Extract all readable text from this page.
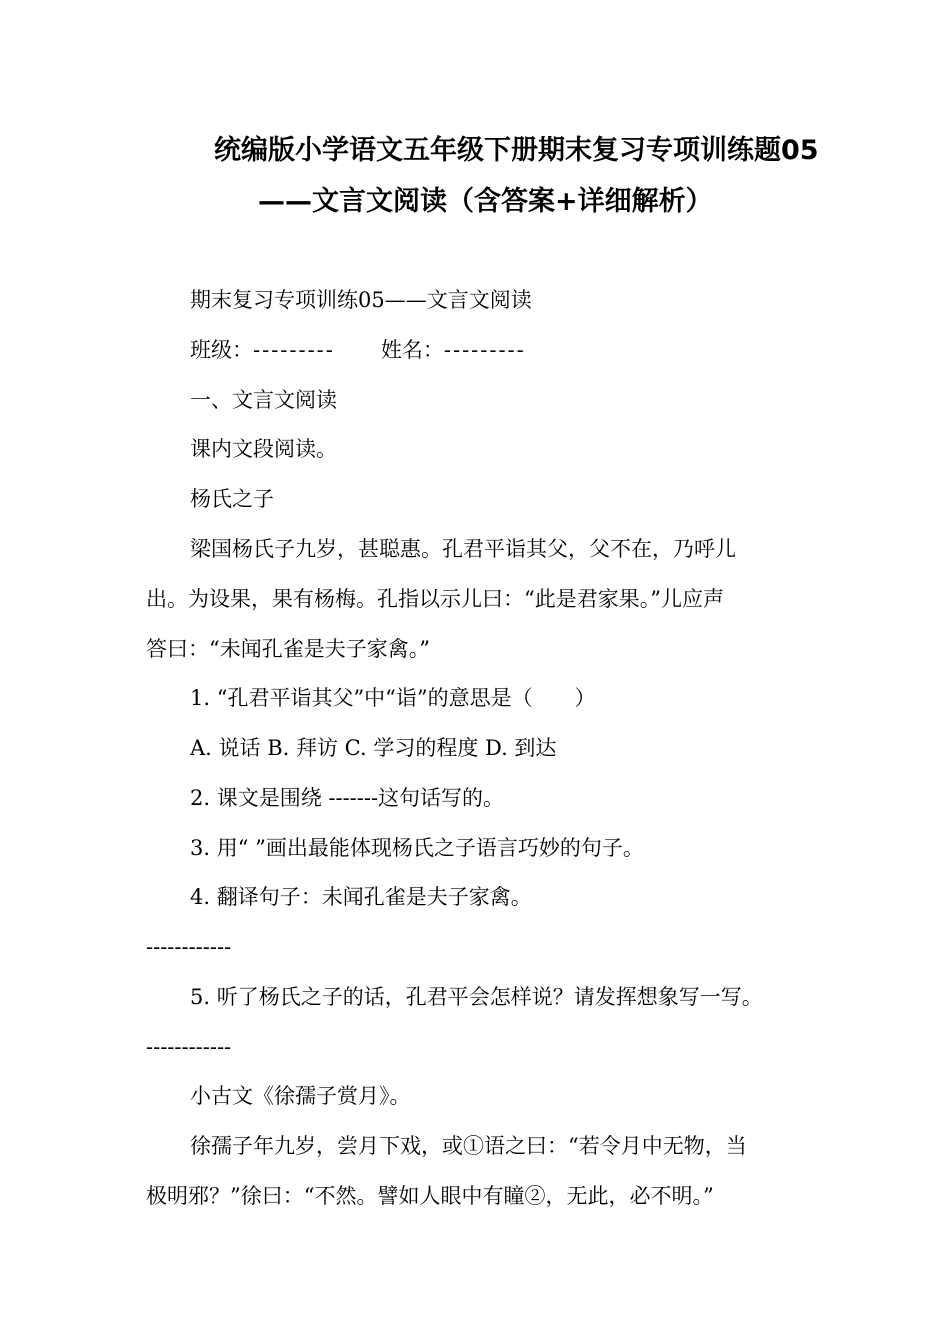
统编版小学语文五年级下册期末复习专项训练题05
——文言文阅读（含答案+详细解析）
期末复习专项训练05——文言文阅读
班级：--------- 姓名：---------
一、文言文阅读
课内文段阅读。
杨氏之子
梁国杨氏子九岁，甚聪惠。孔君平诣其父，父不在，乃呼儿
出。为设果，果有杨梅。孔指以示儿曰：“此是君家果。”儿应声
答曰：“未闻孔雀是夫子家禽。”
1. “孔君平诣其父”中“诣”的意思是（　　）
A. 说话 B. 拜访 C. 学习的程度 D. 到达
2. 课文是围绕 -------这句话写的。
3. 用“ ”画出最能体现杨氏之子语言巧妙的句子。
4. 翻译句子：未闻孔雀是夫子家禽。
------------
5. 听了杨氏之子的话，孔君平会怎样说？请发挥想象写一写。
------------
小古文《徐孺子赏月》。
徐孺子年九岁，尝月下戏，或①语之曰：“若令月中无物，当
极明邪？”徐曰：“不然。譬如人眼中有瞳②，无此，必不明。”
